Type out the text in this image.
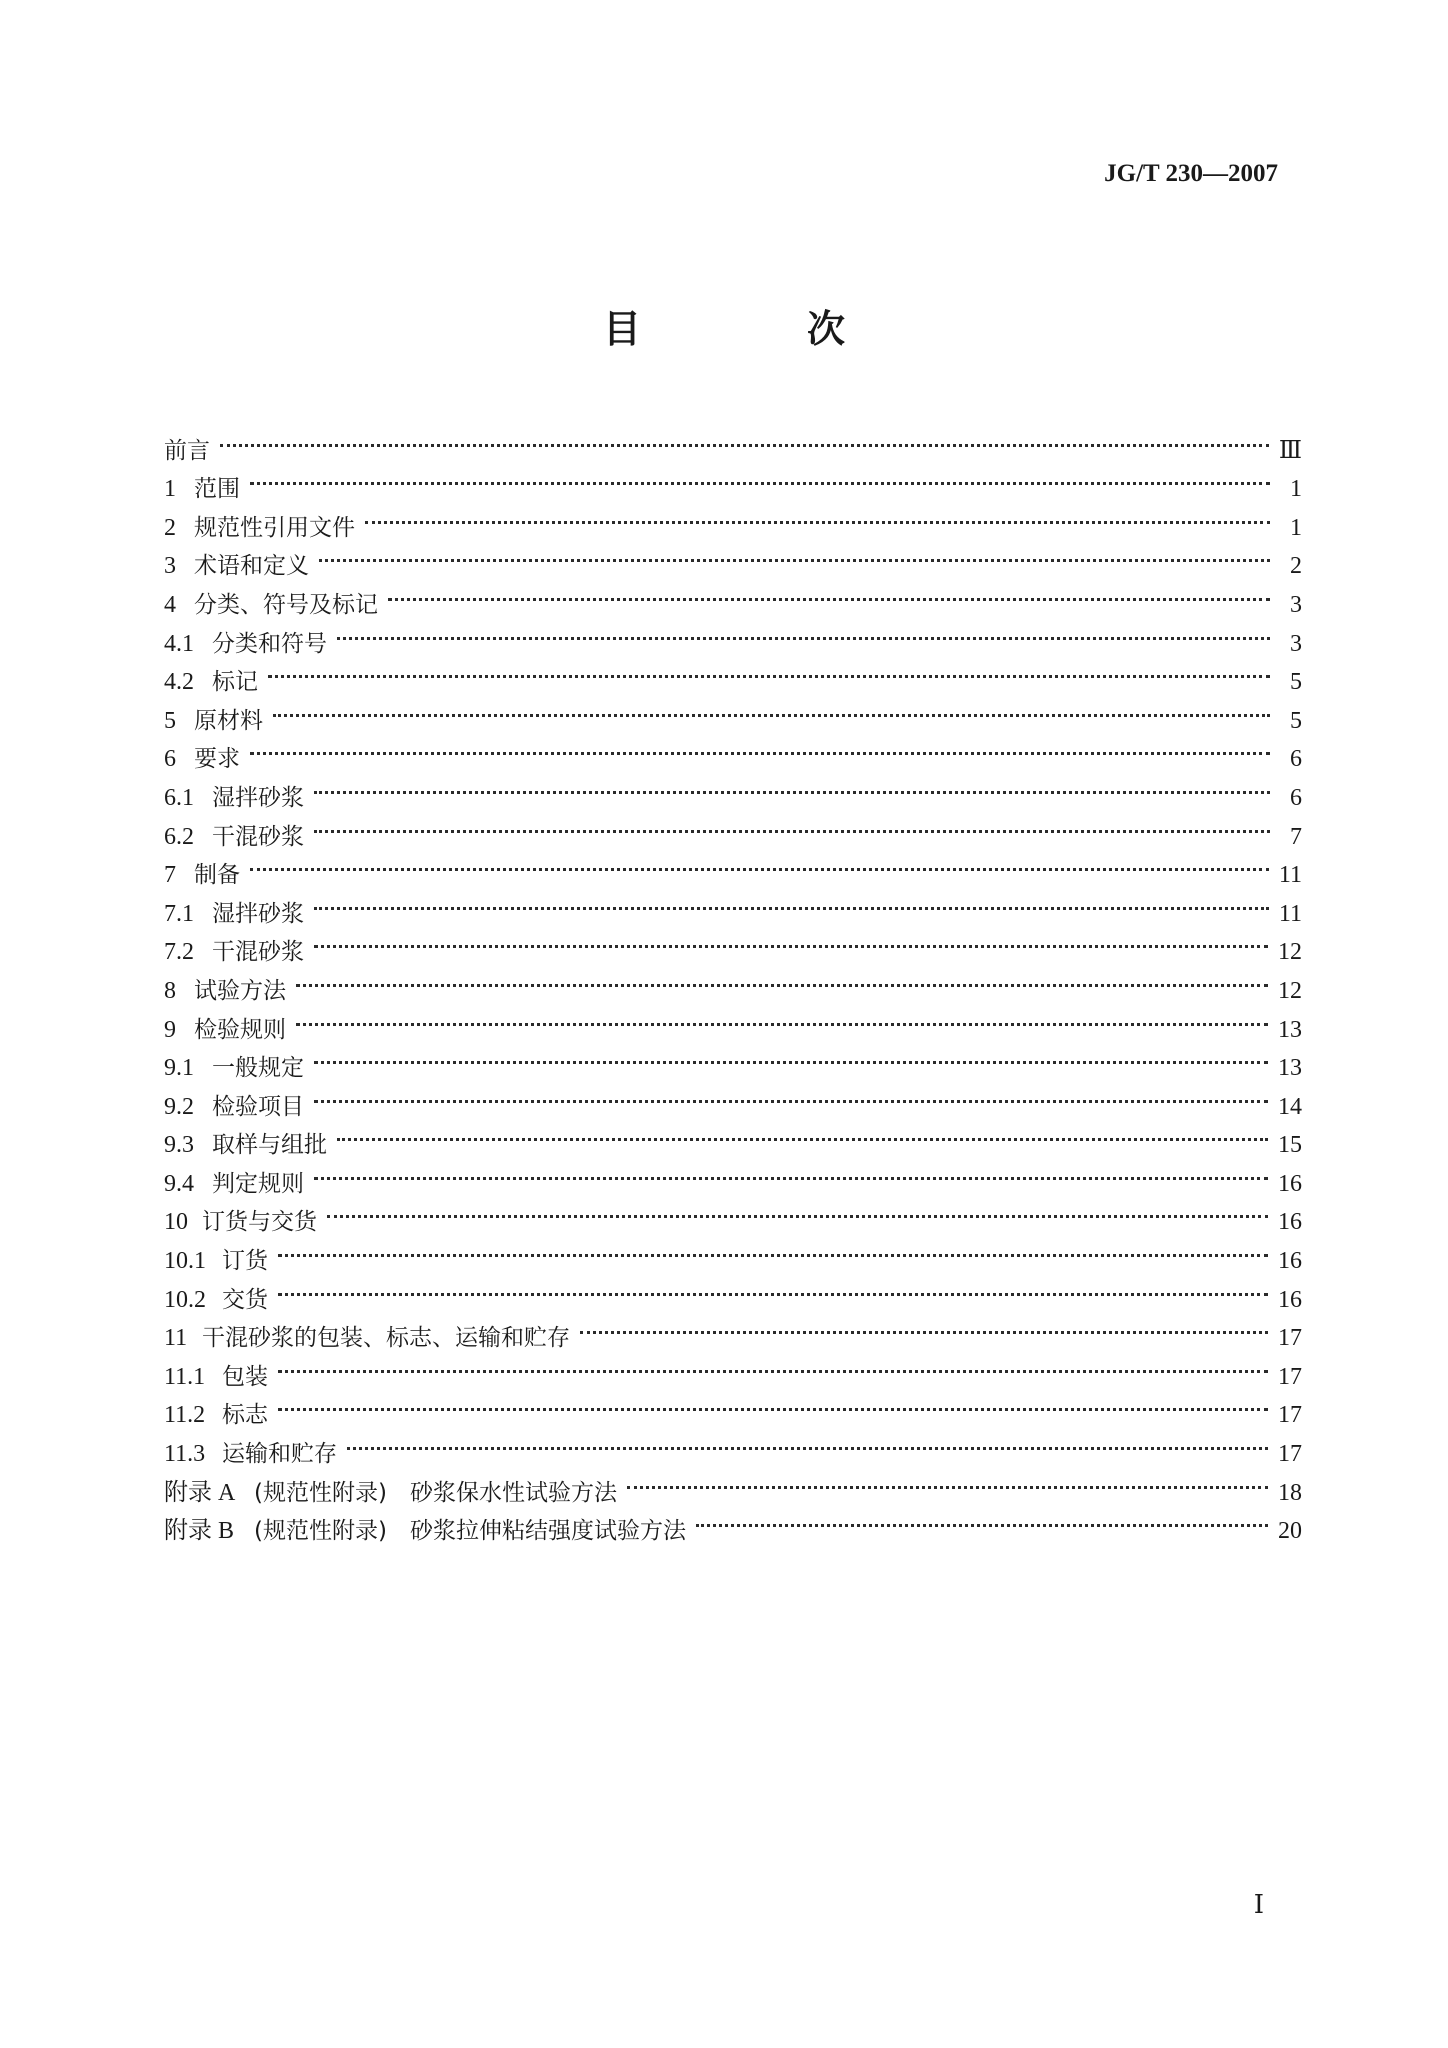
JG/T 230—2007
目　次
前言	Ⅲ
1 范围	1
2 规范性引用文件	1
3 术语和定义	2
4 分类、符号及标记	3
4.1 分类和符号	3
4.2 标记	5
5 原材料	5
6 要求	6
6.1 湿拌砂浆	6
6.2 干混砂浆	7
7 制备	11
7.1 湿拌砂浆	11
7.2 干混砂浆	12
8 试验方法	12
9 检验规则	13
9.1 一般规定	13
9.2 检验项目	14
9.3 取样与组批	15
9.4 判定规则	16
10 订货与交货	16
10.1 订货	16
10.2 交货	16
11 干混砂浆的包装、标志、运输和贮存	17
11.1 包装	17
11.2 标志	17
11.3 运输和贮存	17
附录 A (规范性附录)　砂浆保水性试验方法	18
附录 B (规范性附录)　砂浆拉伸粘结强度试验方法	20
Ⅰ
